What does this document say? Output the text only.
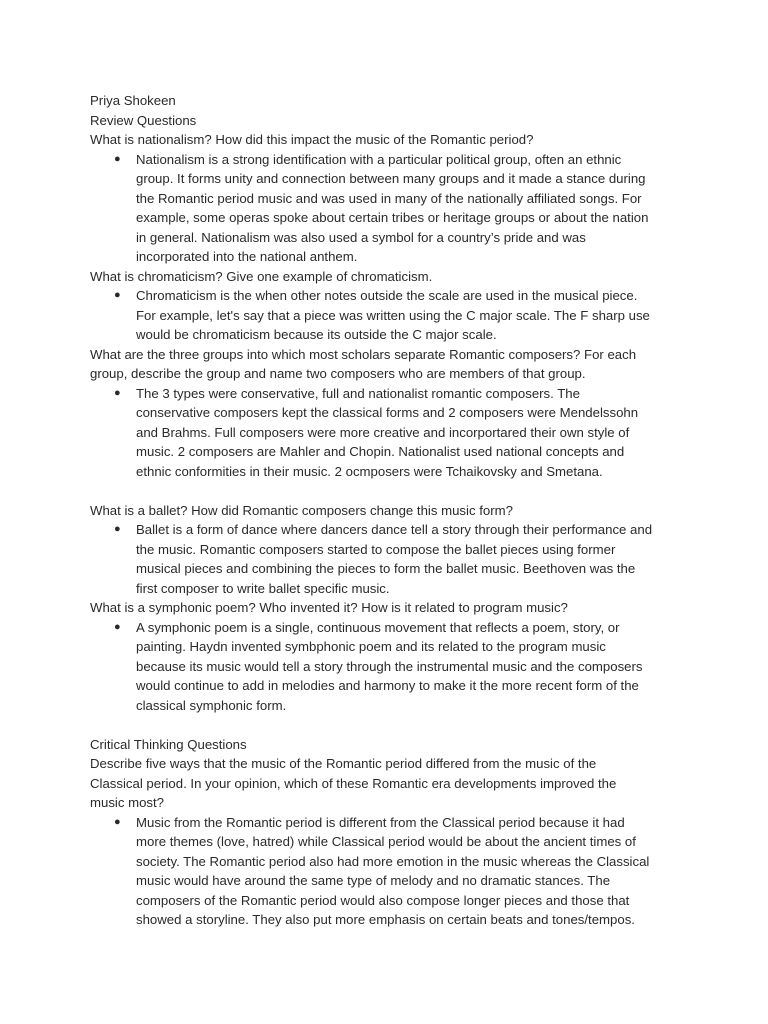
Priya Shokeen

Review Questions

What is nationalism? How did this impact the music of the Romantic period?

● Nationalism is a strong identification with a particular political group, often an ethnic
group. It forms unity and connection between many groups and it made a stance during
the Romantic period music and was used in many of the nationally affiliated songs. For
example, some operas spoke about certain tribes or heritage groups or about the nation
in general. Nationalism was also used a symbol for a country’s pride and was
incorporated into the national anthem.

What is chromaticism? Give one example of chromaticism.

● Chromaticism is the when other notes outside the scale are used in the musical piece.
For example, let's say that a piece was written using the C major scale. The F sharp use
would be chromaticism because its outside the C major scale.
What are the three groups into which most scholars separate Romantic composers? For each
group, describe the group and name two composers who are members of that group.
● The 3 types were conservative, full and nationalist romantic composers. The
conservative composers kept the classical forms and 2 composers were Mendelssohn
and Brahms. Full composers were more creative and incorportared their own style of
music. 2 composers are Mahler and Chopin. Nationalist used national concepts and
ethnic conformities in their music. 2 ocmposers were Tchaikovsky and Smetana.

What is a ballet? How did Romantic composers change this music form?

● Ballet is a form of dance where dancers dance tell a story through their performance and
the music. Romantic composers started to compose the ballet pieces using former
musical pieces and combining the pieces to form the ballet music. Beethoven was the
first composer to write ballet specific music.

What is a symphonic poem? Who invented it? How is it related to program music?

● A symphonic poem is a single, continuous movement that reflects a poem, story, or
painting. Haydn invented symbphonic poem and its related to the program music
because its music would tell a story through the instrumental music and the composers
would continue to add in melodies and harmony to make it the more recent form of the
classical symphonic form.

Critical Thinking Questions

Describe five ways that the music of the Romantic period differed from the music of the
Classical period. In your opinion, which of these Romantic era developments improved the
music most?
● Music from the Romantic period is different from the Classical period because it had
more themes (love, hatred) while Classical period would be about the ancient times of
society. The Romantic period also had more emotion in the music whereas the Classical
music would have around the same type of melody and no dramatic stances. The
composers of the Romantic period would also compose longer pieces and those that
showed a storyline. They also put more emphasis on certain beats and tones/tempos.
